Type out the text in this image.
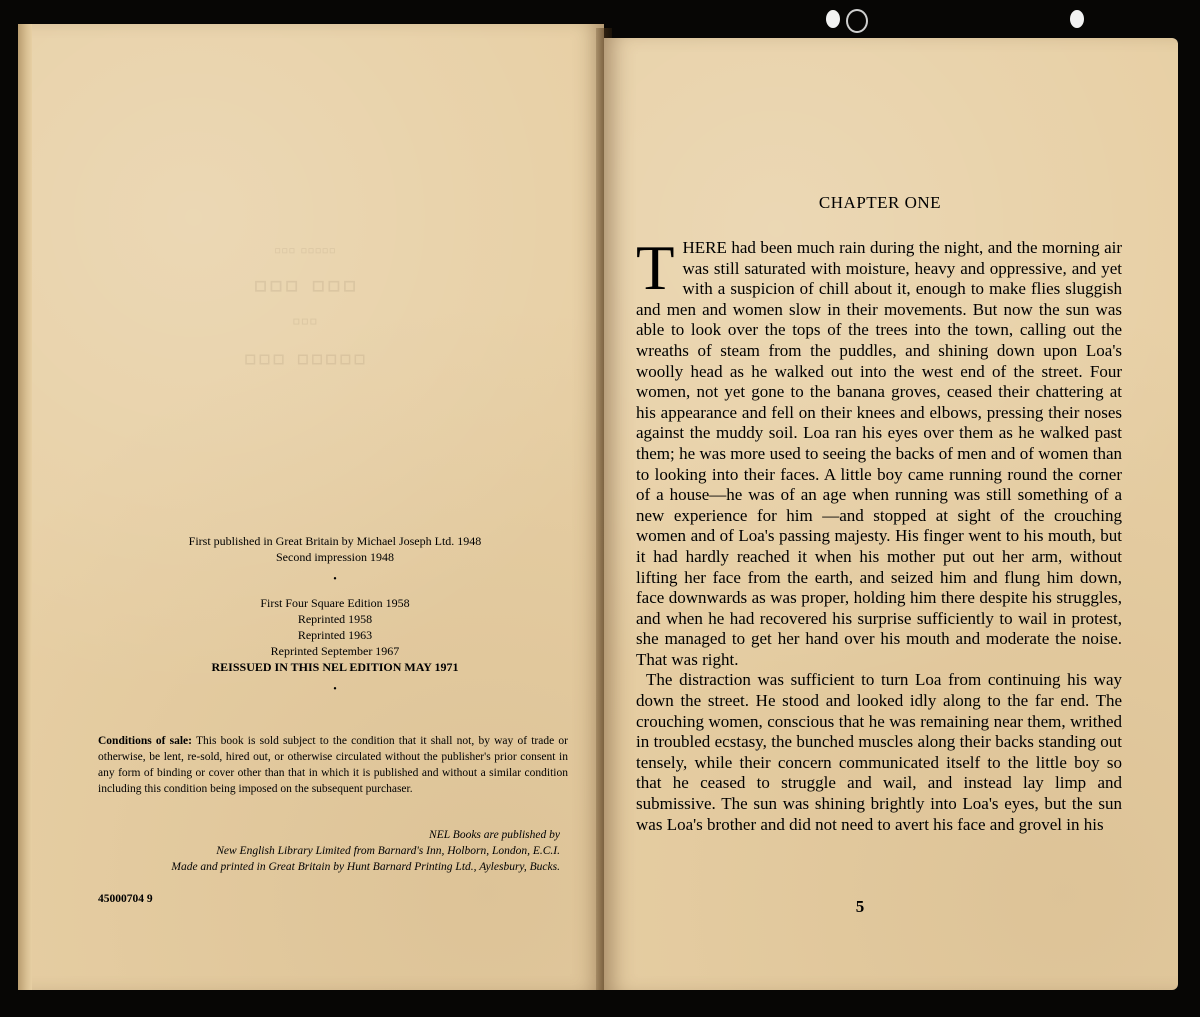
▫▫▫ ▫▫▫▫▫
▫▫▫ ▫▫▫
▫▫▫
▫▫▫ ▫▫▫▫▫
First published in Great Britain by Michael Joseph Ltd. 1948
Second impression 1948
•
First Four Square Edition 1958
Reprinted 1958
Reprinted 1963
Reprinted September 1967
REISSUED IN THIS NEL EDITION MAY 1971
•
Conditions of sale: This book is sold subject to the condition that it shall not, by way of trade or otherwise, be lent, re-sold, hired out, or otherwise circulated without the publisher's prior consent in any form of binding or cover other than that in which it is published and without a similar condition including this condition being imposed on the subsequent purchaser.
NEL Books are published by
New English Library Limited from Barnard's Inn, Holborn, London, E.C.I.
Made and printed in Great Britain by Hunt Barnard Printing Ltd., Aylesbury, Bucks.
45000704 9
CHAPTER ONE

THERE had been much rain during the night, and the morning air was still saturated with moisture, heavy and oppressive, and yet with a suspicion of chill about it, enough to make flies sluggish and men and women slow in their movements. But now the sun was able to look over the tops of the trees into the town, calling out the wreaths of steam from the puddles, and shining down upon Loa's woolly head as he walked out into the west end of the street. Four women, not yet gone to the banana groves, ceased their chattering at his appearance and fell on their knees and elbows, pressing their noses against the muddy soil. Loa ran his eyes over them as he walked past them; he was more used to seeing the backs of men and of women than to looking into their faces. A little boy came running round the corner of a house—he was of an age when running was still something of a new experience for him —and stopped at sight of the crouching women and of Loa's passing majesty. His finger went to his mouth, but it had hardly reached it when his mother put out her arm, without lifting her face from the earth, and seized him and flung him down, face downwards as was proper, holding him there despite his struggles, and when he had recovered his surprise sufficiently to wail in protest, she managed to get her hand over his mouth and moderate the noise. That was right.

The distraction was sufficient to turn Loa from continuing his way down the street. He stood and looked idly along to the far end. The crouching women, conscious that he was remaining near them, writhed in troubled ecstasy, the bunched muscles along their backs standing out tensely, while their concern communicated itself to the little boy so that he ceased to struggle and wail, and instead lay limp and submissive. The sun was shining brightly into Loa's eyes, but the sun was Loa's brother and did not need to avert his face and grovel in his

5
